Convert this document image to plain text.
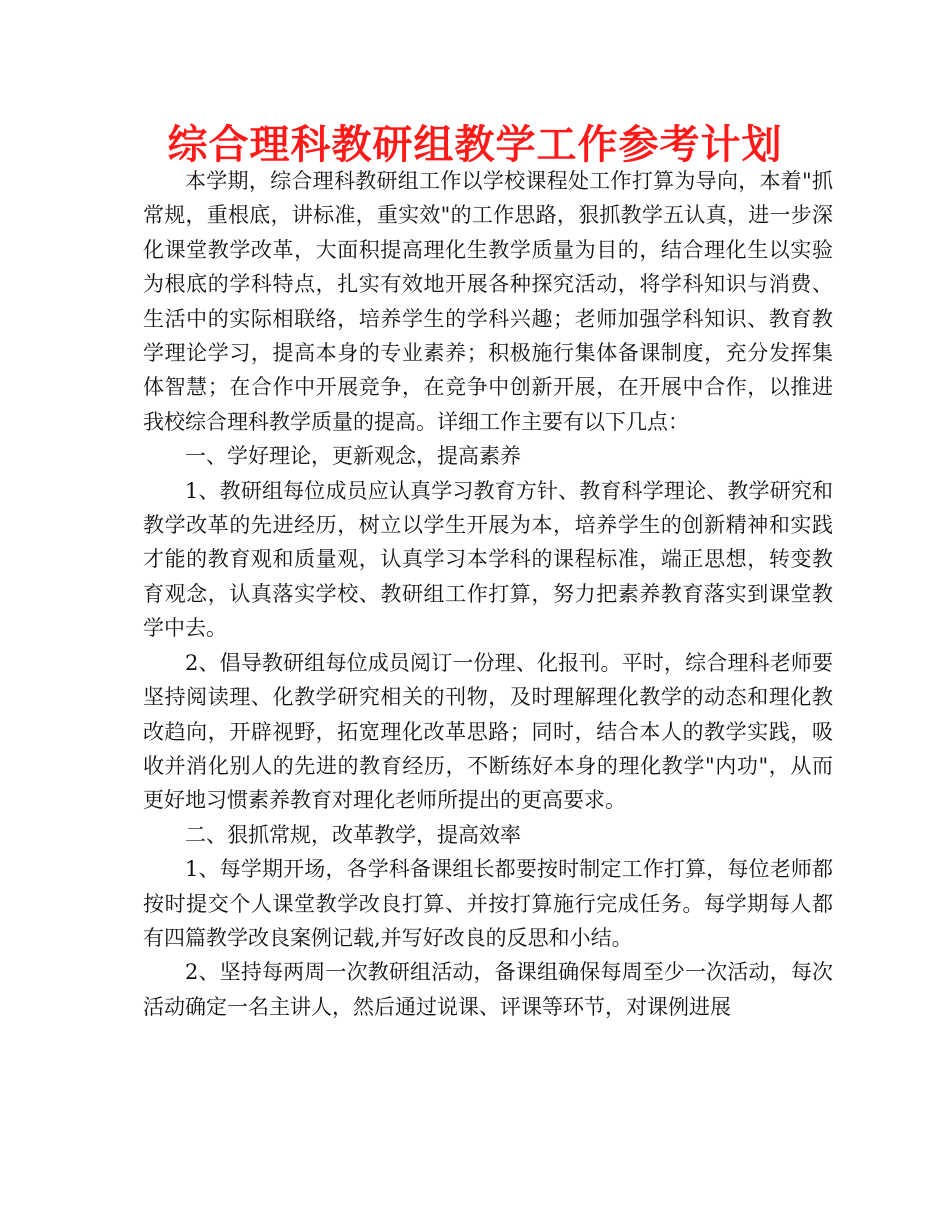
综合理科教研组教学工作参考计划

本学期，综合理科教研组工作以学校课程处工作打算为导向，本着"抓常规，重根底，讲标准，重实效"的工作思路，狠抓教学五认真，进一步深化课堂教学改革，大面积提高理化生教学质量为目的，结合理化生以实验为根底的学科特点，扎实有效地开展各种探究活动，将学科知识与消费、生活中的实际相联络，培养学生的学科兴趣；老师加强学科知识、教育教学理论学习，提高本身的专业素养；积极施行集体备课制度，充分发挥集体智慧；在合作中开展竞争，在竞争中创新开展，在开展中合作，以推进我校综合理科教学质量的提高。详细工作主要有以下几点：

一、学好理论，更新观念，提高素养

1、教研组每位成员应认真学习教育方针、教育科学理论、教学研究和教学改革的先进经历，树立以学生开展为本，培养学生的创新精神和实践才能的教育观和质量观，认真学习本学科的课程标准，端正思想，转变教育观念，认真落实学校、教研组工作打算，努力把素养教育落实到课堂教学中去。

2、倡导教研组每位成员阅订一份理、化报刊。平时，综合理科老师要坚持阅读理、化教学研究相关的刊物，及时理解理化教学的动态和理化教改趋向，开辟视野，拓宽理化改革思路；同时，结合本人的教学实践，吸收并消化别人的先进的教育经历，不断练好本身的理化教学"内功"，从而更好地习惯素养教育对理化老师所提出的更高要求。

二、狠抓常规，改革教学，提高效率

1、每学期开场，各学科备课组长都要按时制定工作打算，每位老师都按时提交个人课堂教学改良打算、并按打算施行完成任务。每学期每人都有四篇教学改良案例记载,并写好改良的反思和小结。

2、坚持每两周一次教研组活动，备课组确保每周至少一次活动，每次活动确定一名主讲人，然后通过说课、评课等环节，对课例进展
